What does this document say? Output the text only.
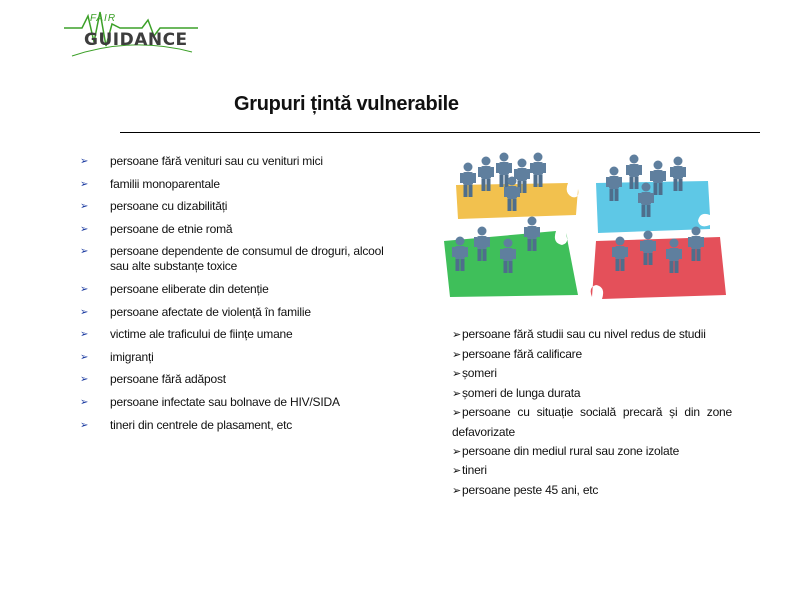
FAIR
GUIDANCE
Grupuri țintă vulnerabile
➢ persoane fără venituri sau cu venituri mici
➢ familii monoparentale
➢ persoane cu dizabilități
➢ persoane de etnie romă
➢ persoane dependente de consumul de droguri, alcool sau alte substanțe toxice
➢ persoane eliberate din detenție
➢ persoane afectate de violență în familie
➢ victime ale traficului de ființe umane
➢ imigranți
➢ persoane fără adăpost
➢ persoane infectate sau bolnave de HIV/SIDA
➢ tineri din centrele de plasament, etc
➢persoane fără studii sau cu nivel redus de studii
➢persoane fără calificare
➢șomeri
➢șomeri de lunga durata
➢persoane cu situație socială precară și din zone defavorizate
➢persoane din mediul rural sau zone izolate
➢tineri
➢persoane peste 45 ani, etc
